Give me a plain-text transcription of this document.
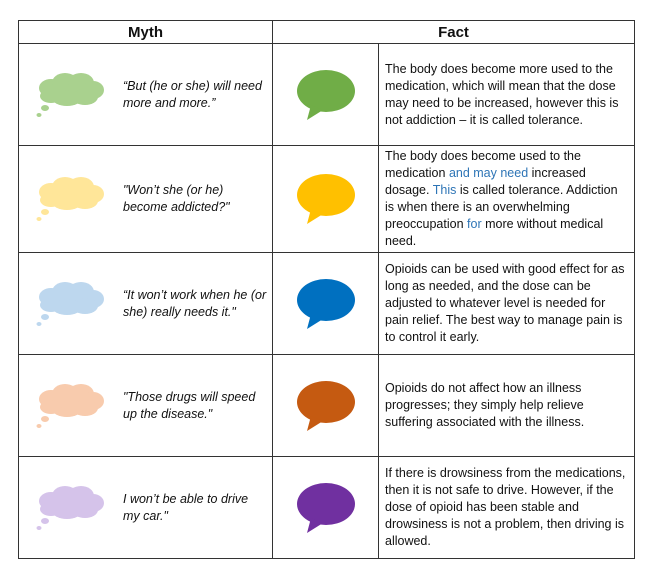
Myth	Fact	

“But (he or she) will need more and more.”		The body does become more used to the medication, which will mean that the dose may need to be increased, however this is not addiction – it is called tolerance.

"Won’t she (or he) become addicted?"		The body does become used to the medication and may need increased dosage. This is called tolerance. Addiction is when there is an overwhelming preoccupation for more without medical need.

“It won’t work when he (or she) really needs it."		Opioids can be used with good effect for as long as needed, and the dose can be adjusted to whatever level is needed for pain relief. The best way to manage pain is to control it early.

"Those drugs will speed up the disease."		Opioids do not affect how an illness progresses; they simply help relieve suffering associated with the illness.

I won’t be able to drive my car."		If there is drowsiness from the medications, then it is not safe to drive. However, if the dose of opioid has been stable and drowsiness is not a problem, then driving is allowed.
